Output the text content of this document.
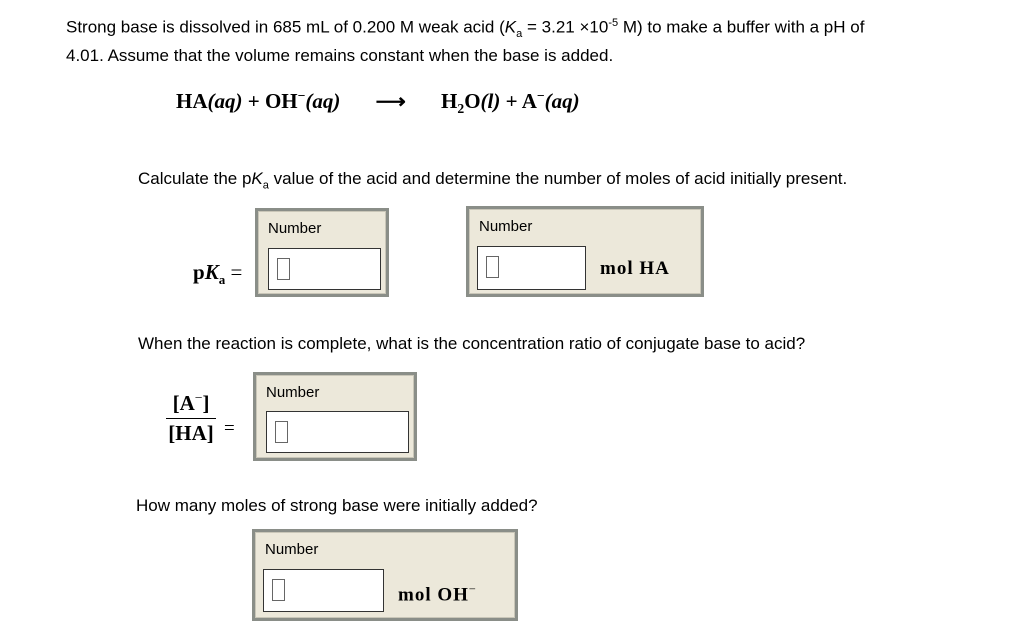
Strong base is dissolved in 685 mL of 0.200 M weak acid ($K_a = 3.21 \times 10^{-5}$ M) to make a buffer with a pH of
4.01. Assume that the volume remains constant when the base is added.
HA(aq) + OH−(aq) ⟶ $H_2O(l) + A^-(aq)$
Calculate the $pK_a$ value of the acid and determine the number of moles of acid initially present.
$pK_a$ =
Number	Number
mol HA
When the reaction is complete, what is the concentration ratio of conjugate base to acid?
$\frac{[A^-]}{[HA]}$ =
Number
How many moles of strong base were initially added?
Number
mol OH−
